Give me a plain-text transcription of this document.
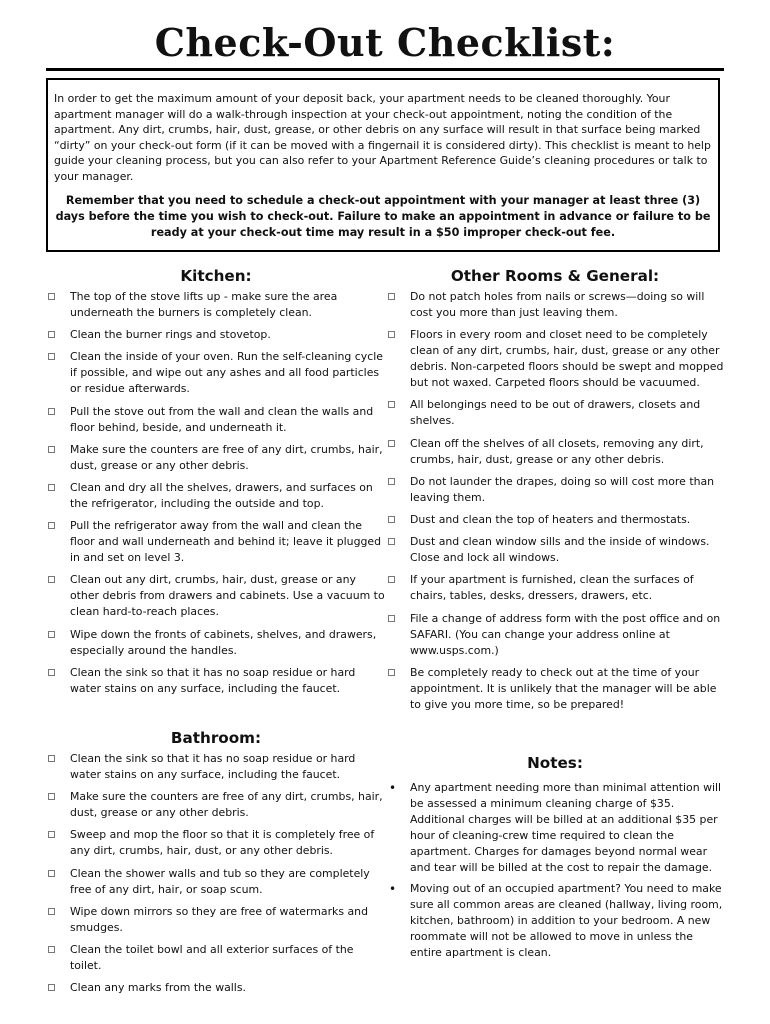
Check-Out Checklist:

In order to get the maximum amount of your deposit back, your apartment needs to be cleaned thoroughly. Your apartment manager will do a walk-through inspection at your check-out appointment, noting the condition of the apartment. Any dirt, crumbs, hair, dust, grease, or other debris on any surface will result in that surface being marked “dirty” on your check-out form (if it can be moved with a fingernail it is considered dirty). This checklist is meant to help guide your cleaning process, but you can also refer to your Apartment Reference Guide’s cleaning procedures or talk to your manager.

Remember that you need to schedule a check-out appointment with your manager at least three (3) days before the time you wish to check-out. Failure to make an appointment in advance or failure to be ready at your check-out time may result in a $50 improper check-out fee.

Kitchen:
The top of the stove lifts up - make sure the area underneath the burners is completely clean.
Clean the burner rings and stovetop.
Clean the inside of your oven. Run the self-cleaning cycle if possible, and wipe out any ashes and all food particles or residue afterwards.
Pull the stove out from the wall and clean the walls and floor behind, beside, and underneath it.
Make sure the counters are free of any dirt, crumbs, hair, dust, grease or any other debris.
Clean and dry all the shelves, drawers, and surfaces on the refrigerator, including the outside and top.
Pull the refrigerator away from the wall and clean the floor and wall underneath and behind it; leave it plugged in and set on level 3.
Clean out any dirt, crumbs, hair, dust, grease or any other debris from drawers and cabinets. Use a vacuum to clean hard-to-reach places.
Wipe down the fronts of cabinets, shelves, and drawers, especially around the handles.
Clean the sink so that it has no soap residue or hard water stains on any surface, including the faucet.
Bathroom:
Clean the sink so that it has no soap residue or hard water stains on any surface, including the faucet.
Make sure the counters are free of any dirt, crumbs, hair, dust, grease or any other debris.
Sweep and mop the floor so that it is completely free of any dirt, crumbs, hair, dust, or any other debris.
Clean the shower walls and tub so they are completely free of any dirt, hair, or soap scum.
Wipe down mirrors so they are free of watermarks and smudges.
Clean the toilet bowl and all exterior surfaces of the toilet.
Clean any marks from the walls.
Other Rooms & General:
Do not patch holes from nails or screws—doing so will cost you more than just leaving them.
Floors in every room and closet need to be completely clean of any dirt, crumbs, hair, dust, grease or any other debris. Non-carpeted floors should be swept and mopped but not waxed. Carpeted floors should be vacuumed.
All belongings need to be out of drawers, closets and shelves.
Clean off the shelves of all closets, removing any dirt, crumbs, hair, dust, grease or any other debris.
Do not launder the drapes, doing so will cost more than leaving them.
Dust and clean the top of heaters and thermostats.
Dust and clean window sills and the inside of windows. Close and lock all windows.
If your apartment is furnished, clean the surfaces of chairs, tables, desks, dressers, drawers, etc.
File a change of address form with the post office and on SAFARI. (You can change your address online at www.usps.com.)
Be completely ready to check out at the time of your appointment. It is unlikely that the manager will be able to give you more time, so be prepared!
Notes:
• Any apartment needing more than minimal attention will be assessed a minimum cleaning charge of $35. Additional charges will be billed at an additional $35 per hour of cleaning-crew time required to clean the apartment. Charges for damages beyond normal wear and tear will be billed at the cost to repair the damage.
• Moving out of an occupied apartment? You need to make sure all common areas are cleaned (hallway, living room, kitchen, bathroom) in addition to your bedroom. A new roommate will not be allowed to move in unless the entire apartment is clean.
